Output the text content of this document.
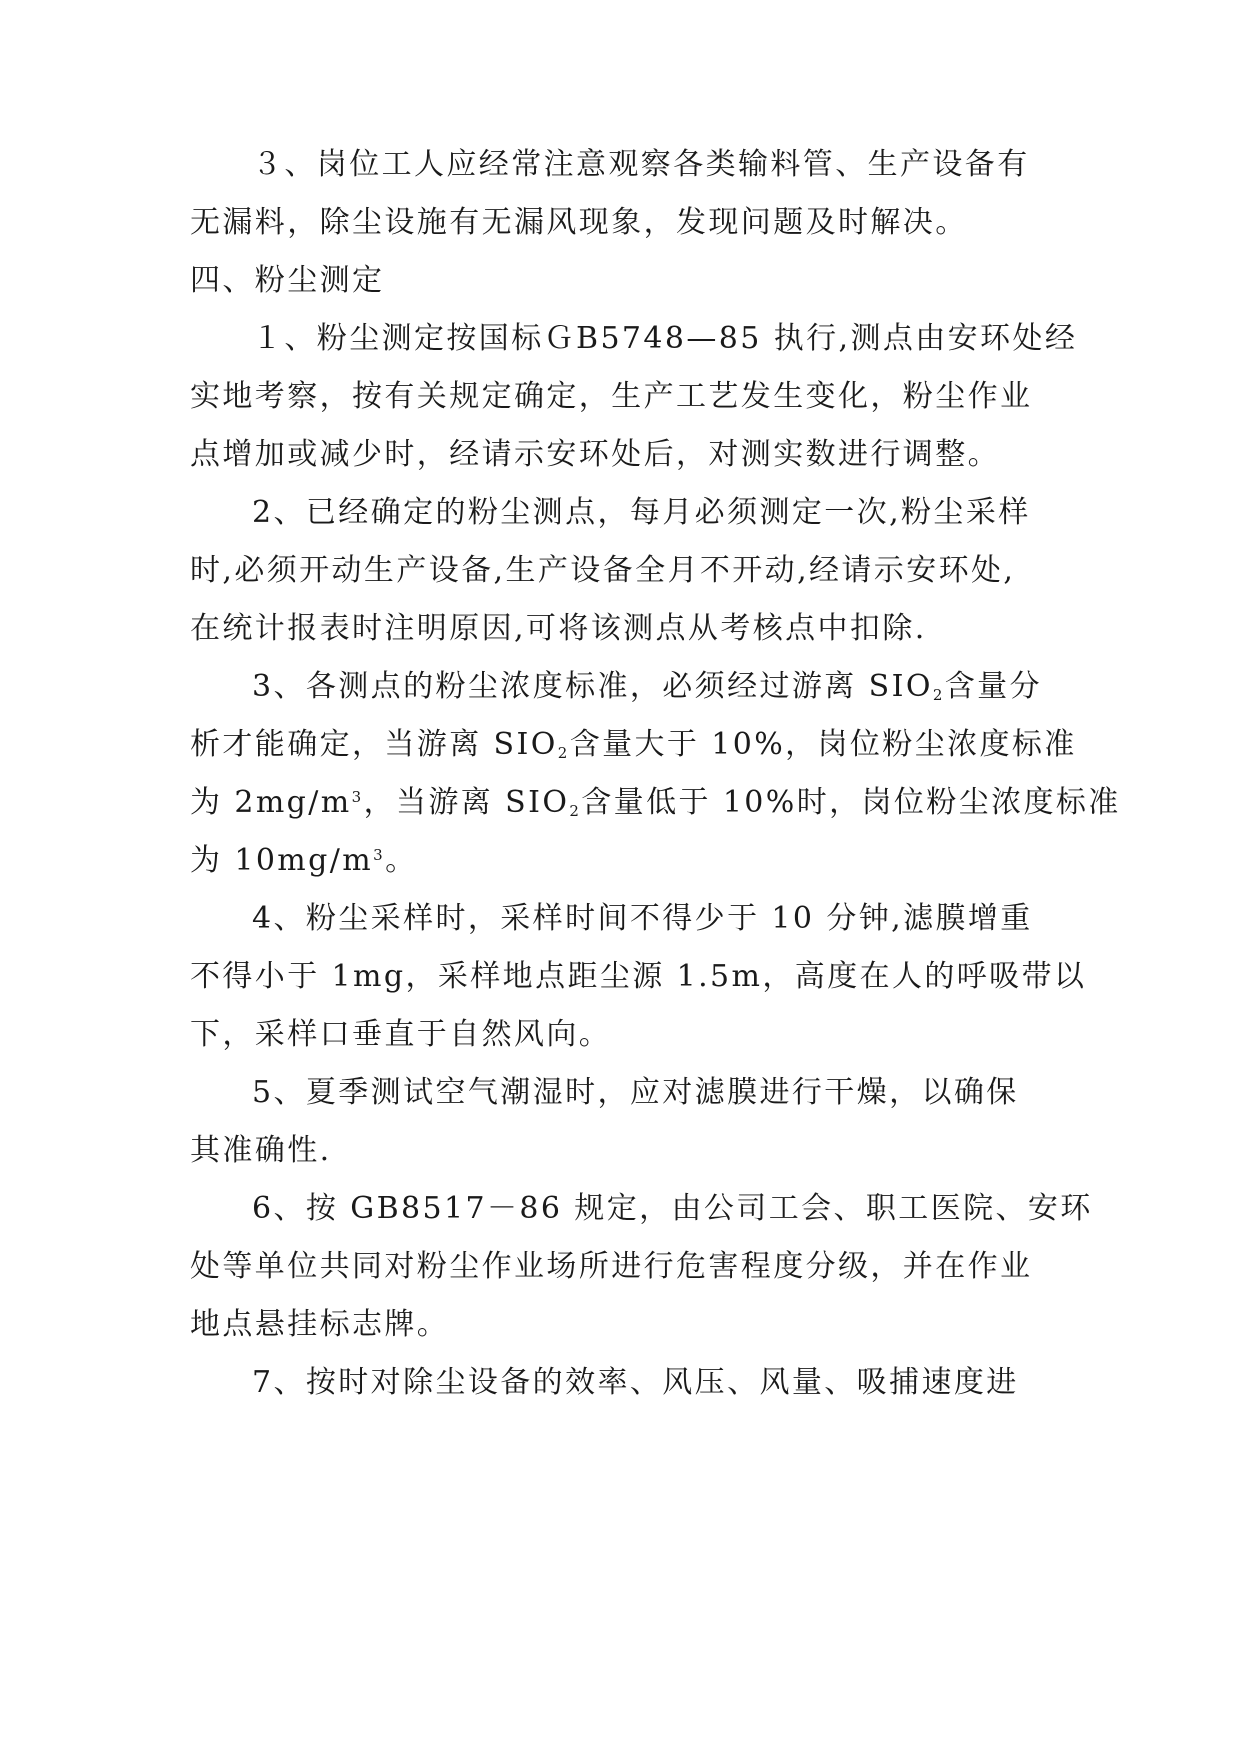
３、岗位工人应经常注意观察各类输料管、生产设备有
无漏料，除尘设施有无漏风现象，发现问题及时解决。
四、粉尘测定
１、粉尘测定按国标ＧB5748—85 执行,测点由安环处经
实地考察，按有关规定确定，生产工艺发生变化，粉尘作业
点增加或减少时，经请示安环处后，对测实数进行调整。
2、已经确定的粉尘测点，每月必须测定一次,粉尘采样
时,必须开动生产设备,生产设备全月不开动,经请示安环处,
在统计报表时注明原因,可将该测点从考核点中扣除.
3、各测点的粉尘浓度标准，必须经过游离 $SIO_2$含量分
析才能确定，当游离 $SIO_2$含量大于 10%，岗位粉尘浓度标准
为 $2mg/m^3$，当游离 $SIO_2$含量低于 10%时，岗位粉尘浓度标准
为 $10mg/m^3$。
4、粉尘采样时，采样时间不得少于 10 分钟,滤膜增重
不得小于 1mg，采样地点距尘源 1.5m，高度在人的呼吸带以
下，采样口垂直于自然风向。
5、夏季测试空气潮湿时，应对滤膜进行干燥，以确保
其准确性.
6、按 GB8517－86 规定，由公司工会、职工医院、安环
处等单位共同对粉尘作业场所进行危害程度分级，并在作业
地点悬挂标志牌。
7、按时对除尘设备的效率、风压、风量、吸捕速度进
